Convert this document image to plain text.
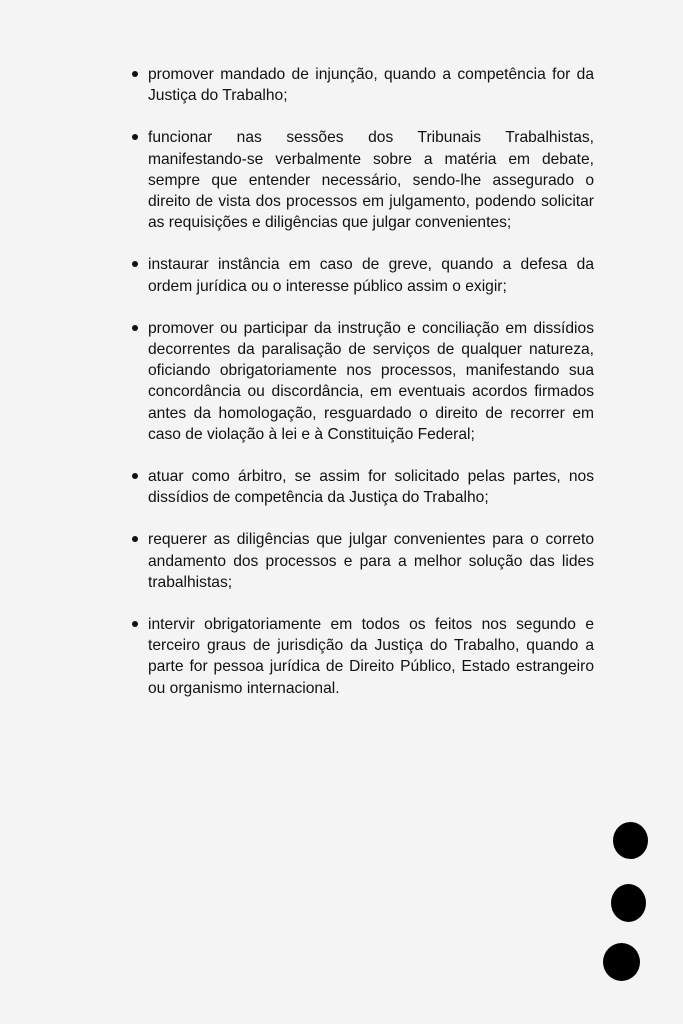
promover mandado de injunção, quando a competência for da Justiça do Trabalho;
funcionar nas sessões dos Tribunais Trabalhistas, manifestando-se verbalmente sobre a matéria em debate, sempre que entender necessário, sendo-lhe assegurado o direito de vista dos processos em julgamento, podendo solicitar as requisições e diligências que julgar convenientes;
instaurar instância em caso de greve, quando a defesa da ordem jurídica ou o interesse público assim o exigir;
promover ou participar da instrução e conciliação em dissídios decorrentes da paralisação de serviços de qualquer natureza, oficiando obrigatoriamente nos processos, manifestando sua concordância ou discordância, em eventuais acordos firmados antes da homologação, resguardado o direito de recorrer em caso de violação à lei e à Constituição Federal;
atuar como árbitro, se assim for solicitado pelas partes, nos dissídios de competência da Justiça do Trabalho;
requerer as diligências que julgar convenientes para o correto andamento dos processos e para a melhor solução das lides trabalhistas;
intervir obrigatoriamente em todos os feitos nos segundo e terceiro graus de jurisdição da Justiça do Trabalho, quando a parte for pessoa jurídica de Direito Público, Estado estrangeiro ou organismo internacional.
